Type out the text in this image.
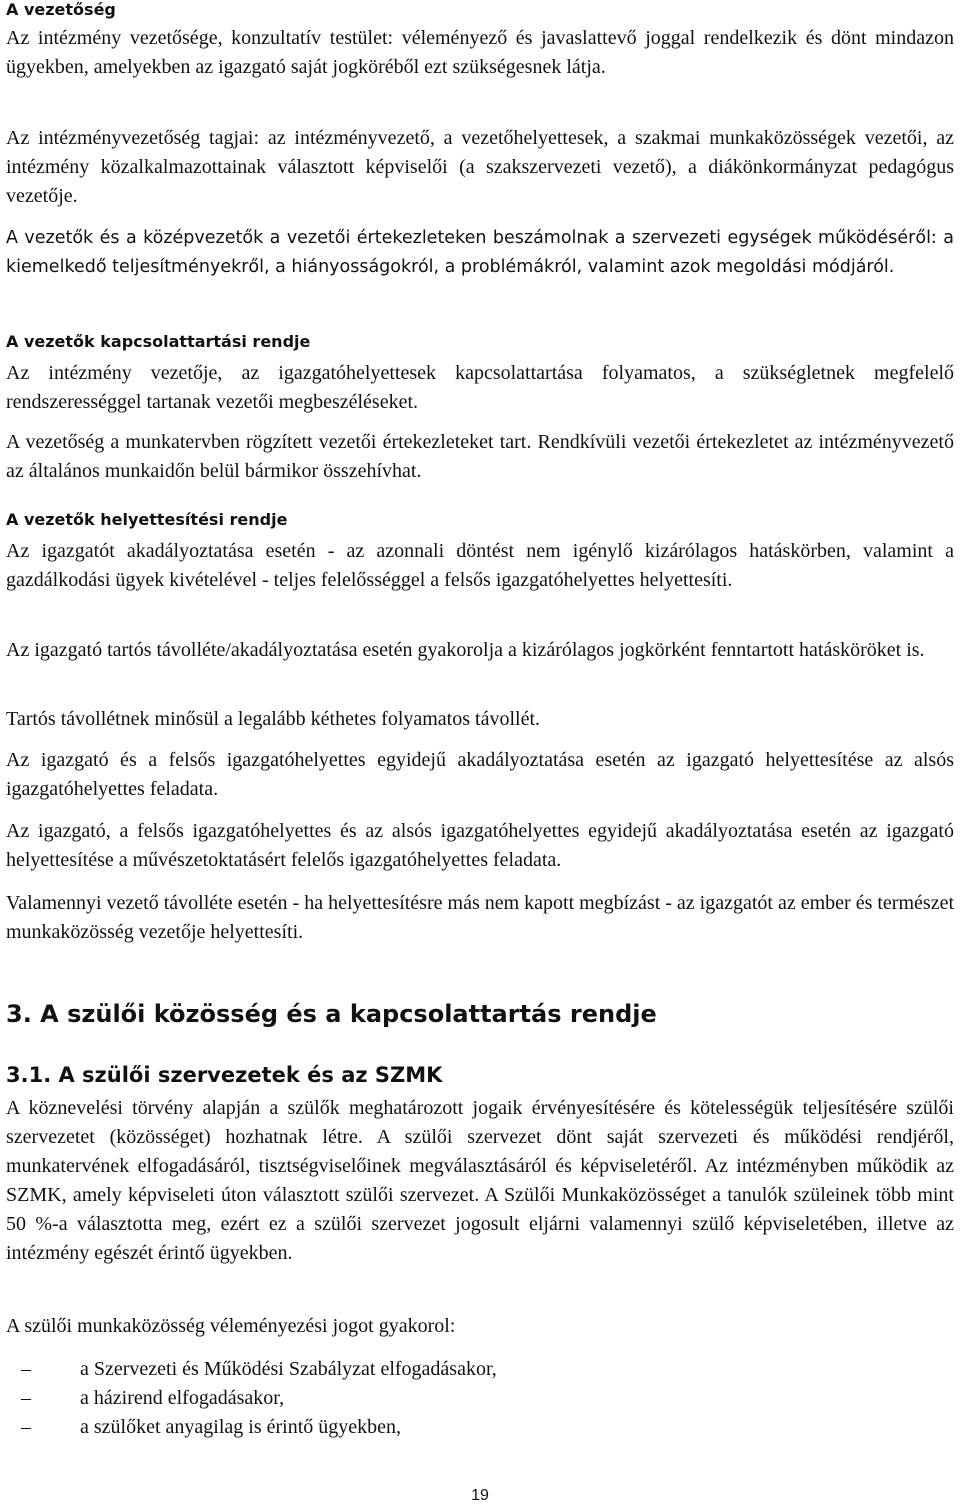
A vezetőség

Az intézmény vezetősége, konzultatív testület: véleményező és javaslattevő joggal rendelkezik és dönt mindazon ügyekben, amelyekben az igazgató saját jogköréből ezt szükségesnek látja.

Az intézményvezetőség tagjai: az intézményvezető, a vezetőhelyettesek, a szakmai munkaközösségek vezetői, az intézmény közalkalmazottainak választott képviselői (a szakszervezeti vezető), a diákönkormányzat pedagógus vezetője.

A vezetők és a középvezetők a vezetői értekezleteken beszámolnak a szervezeti egységek működéséről: a kiemelkedő teljesítményekről, a hiányosságokról, a problémákról, valamint azok megoldási módjáról.

A vezetők kapcsolattartási rendje

Az intézmény vezetője, az igazgatóhelyettesek kapcsolattartása folyamatos, a szükségletnek megfelelő rendszerességgel tartanak vezetői megbeszéléseket.

A vezetőség a munkatervben rögzített vezetői értekezleteket tart. Rendkívüli vezetői értekezletet az intézményvezető az általános munkaidőn belül bármikor összehívhat.

A vezetők helyettesítési rendje

Az igazgatót akadályoztatása esetén - az azonnali döntést nem igénylő kizárólagos hatáskörben, valamint a gazdálkodási ügyek kivételével - teljes felelősséggel a felsős igazgatóhelyettes helyettesíti.

Az igazgató tartós távolléte/akadályoztatása esetén gyakorolja a kizárólagos jogkörként fenntartott hatásköröket is.

Tartós távollétnek minősül a legalább kéthetes folyamatos távollét.

Az igazgató és a felsős igazgatóhelyettes egyidejű akadályoztatása esetén az igazgató helyettesítése az alsós igazgatóhelyettes feladata.

Az igazgató, a felsős igazgatóhelyettes és az alsós igazgatóhelyettes egyidejű akadályoztatása esetén az igazgató helyettesítése a művészetoktatásért felelős igazgatóhelyettes feladata.

Valamennyi vezető távolléte esetén - ha helyettesítésre más nem kapott megbízást - az igazgatót az ember és természet munkaközösség vezetője helyettesíti.

3. A szülői közösség és a kapcsolattartás rendje
3.1. A szülői szervezetek és az SZMK

A köznevelési törvény alapján a szülők meghatározott jogaik érvényesítésére és kötelességük teljesítésére szülői szervezetet (közösséget) hozhatnak létre. A szülői szervezet dönt saját szervezeti és működési rendjéről, munkatervének elfogadásáról, tisztségviselőinek megválasztásáról és képviseletéről. Az intézményben működik az SZMK, amely képviseleti úton választott szülői szervezet. A Szülői Munkaközösséget a tanulók szüleinek több mint 50 %-a választotta meg, ezért ez a szülői szervezet jogosult eljárni valamennyi szülő képviseletében, illetve az intézmény egészét érintő ügyekben.

A szülői munkaközösség véleményezési jogot gyakorol:

–	a Szervezeti és Működési Szabályzat elfogadásakor,
–	a házirend elfogadásakor,
–	a szülőket anyagilag is érintő ügyekben,
19
